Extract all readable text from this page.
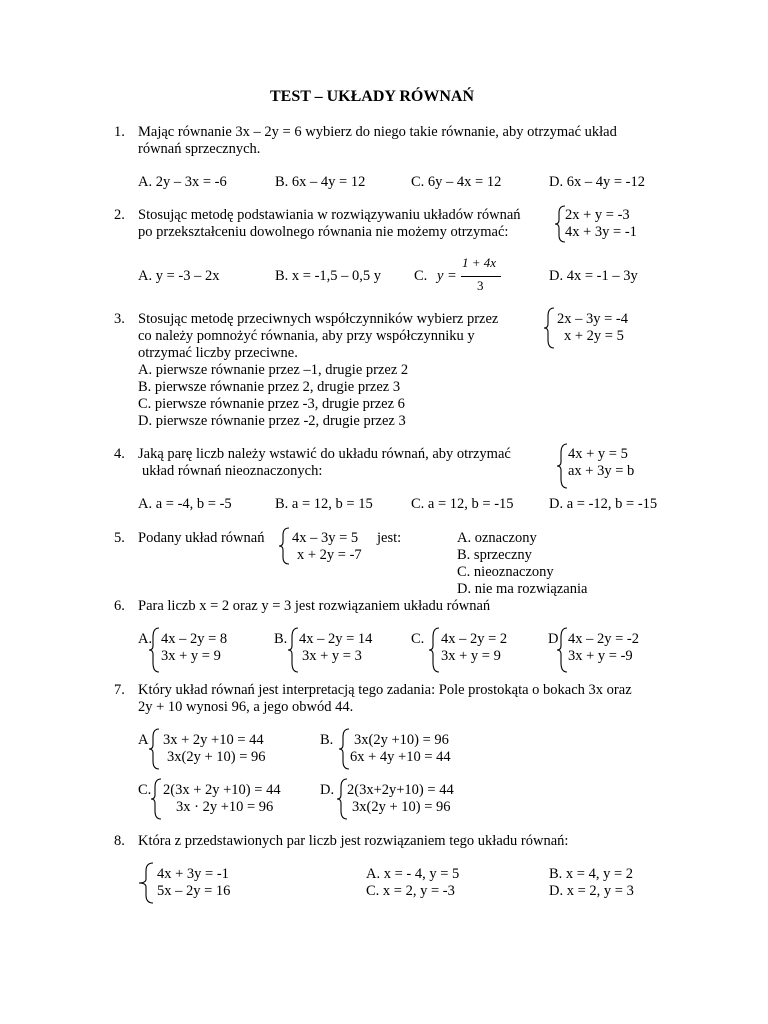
TEST – UKŁADY RÓWNAŃ
1. Mając równanie 3x – 2y = 6 wybierz do niego takie równanie, aby otrzymać układ
równań sprzecznych.
A. 2y – 3x = -6	B. 6x – 4y = 12	C. 6y – 4x = 12	D. 6x – 4y = -12
2. Stosując metodę podstawiania w rozwiązywaniu układów równań
po przekształceniu dowolnego równania nie możemy otrzymać:
2x + y = -3
4x + 3y = -1
A. y = -3 – 2x	B. x = -1,5 – 0,5 y C. y =
1 + 4x
3
D. 4x = -1 – 3y
3. Stosując metodę przeciwnych współczynników wybierz przez
co należy pomnożyć równania, aby przy współczynniku y
otrzymać liczby przeciwne.
2x – 3y = -4
x + 2y = 5
A. pierwsze równanie przez –1, drugie przez 2
B. pierwsze równanie przez 2, drugie przez 3
C. pierwsze równanie przez -3, drugie przez 6
D. pierwsze równanie przez -2, drugie przez 3
4. Jaką parę liczb należy wstawić do układu równań, aby otrzymać
układ równań nieoznaczonych:
4x + y = 5
ax + 3y = b
A. a = -4, b = -5	B. a = 12, b = 15	C. a = 12, b = -15 D. a = -12, b = -15
5. Podany układ równań 4x – 3y = 5
x + 2y = -7
jest:	A. oznaczony
B. sprzeczny
C. nieoznaczony
D. nie ma rozwiązania
6. Para liczb x = 2 oraz y = 3 jest rozwiązaniem układu równań
A. 4x – 2y = 8
3x + y = 9
B. 4x – 2y = 14
3x + y = 3
C. 4x – 2y = 2
3x + y = 9
D 4x – 2y = -2
3x + y = -9
7. Który układ równań jest interpretacją tego zadania: Pole prostokąta o bokach 3x oraz
2y + 10 wynosi 96, a jego obwód 44.
A 3x + 2y +10 = 44
3x(2y + 10) = 96
B. 3x(2y +10) = 96
6x + 4y +10 = 44
C. 2(3x + 2y +10) = 44
3x · 2y +10 = 96
D. 2(3x+2y+10) = 44
3x(2y + 10) = 96
8. Która z przedstawionych par liczb jest rozwiązaniem tego układu równań:
4x + 3y = -1
5x – 2y = 16
A. x = - 4, y = 5	B. x = 4, y = 2
C. x = 2, y = -3	D. x = 2, y = 3
